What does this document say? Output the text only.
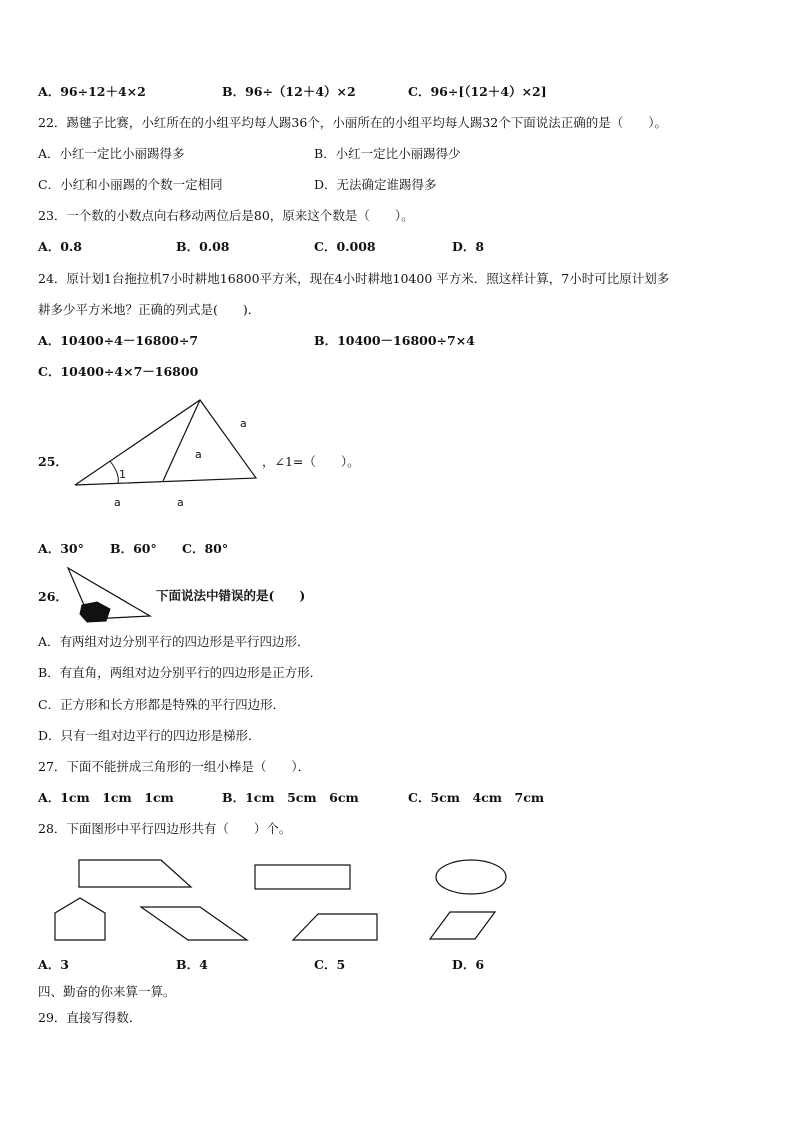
A．96÷12＋4×2	B．96÷（12＋4）×2	C．96÷[（12＋4）×2]
22．踢毽子比赛，小红所在的小组平均每人踢36个，小丽所在的小组平均每人踢32个下面说法正确的是（　　）。
A．小红一定比小丽踢得多	B．小红一定比小丽踢得少
C．小红和小丽踢的个数一定相同	D．无法确定谁踢得多
23．一个数的小数点向右移动两位后是80，原来这个数是（　　）。
A．0.8	B．0.08	C．0.008	D．8
24．原计划1台拖拉机7小时耕地16800平方米，现在4小时耕地10400 平方米．照这样计算，7小时可比原计划多
耕多少平方米地？正确的列式是(　　)．
A．10400÷4－16800÷7	B．10400－16800÷7×4
C．10400÷4×7－16800
25．
a
a
1
a	a
，∠1=（　　）。
A．30° B．60° C．80°
26．	下面说法中错误的是(　　)
A．有两组对边分别平行的四边形是平行四边形．
B．有直角，两组对边分别平行的四边形是正方形．
C．正方形和长方形都是特殊的平行四边形．
D．只有一组对边平行的四边形是梯形．
27．下面不能拼成三角形的一组小棒是（　　）．
A．1cm　1cm　1cm	B．1cm　5cm　6cm	C．5cm　4cm　7cm
28．下面图形中平行四边形共有（　　）个。
A．3	B．4	C．5	D．6
四、勤奋的你来算一算。
29．直接写得数．
